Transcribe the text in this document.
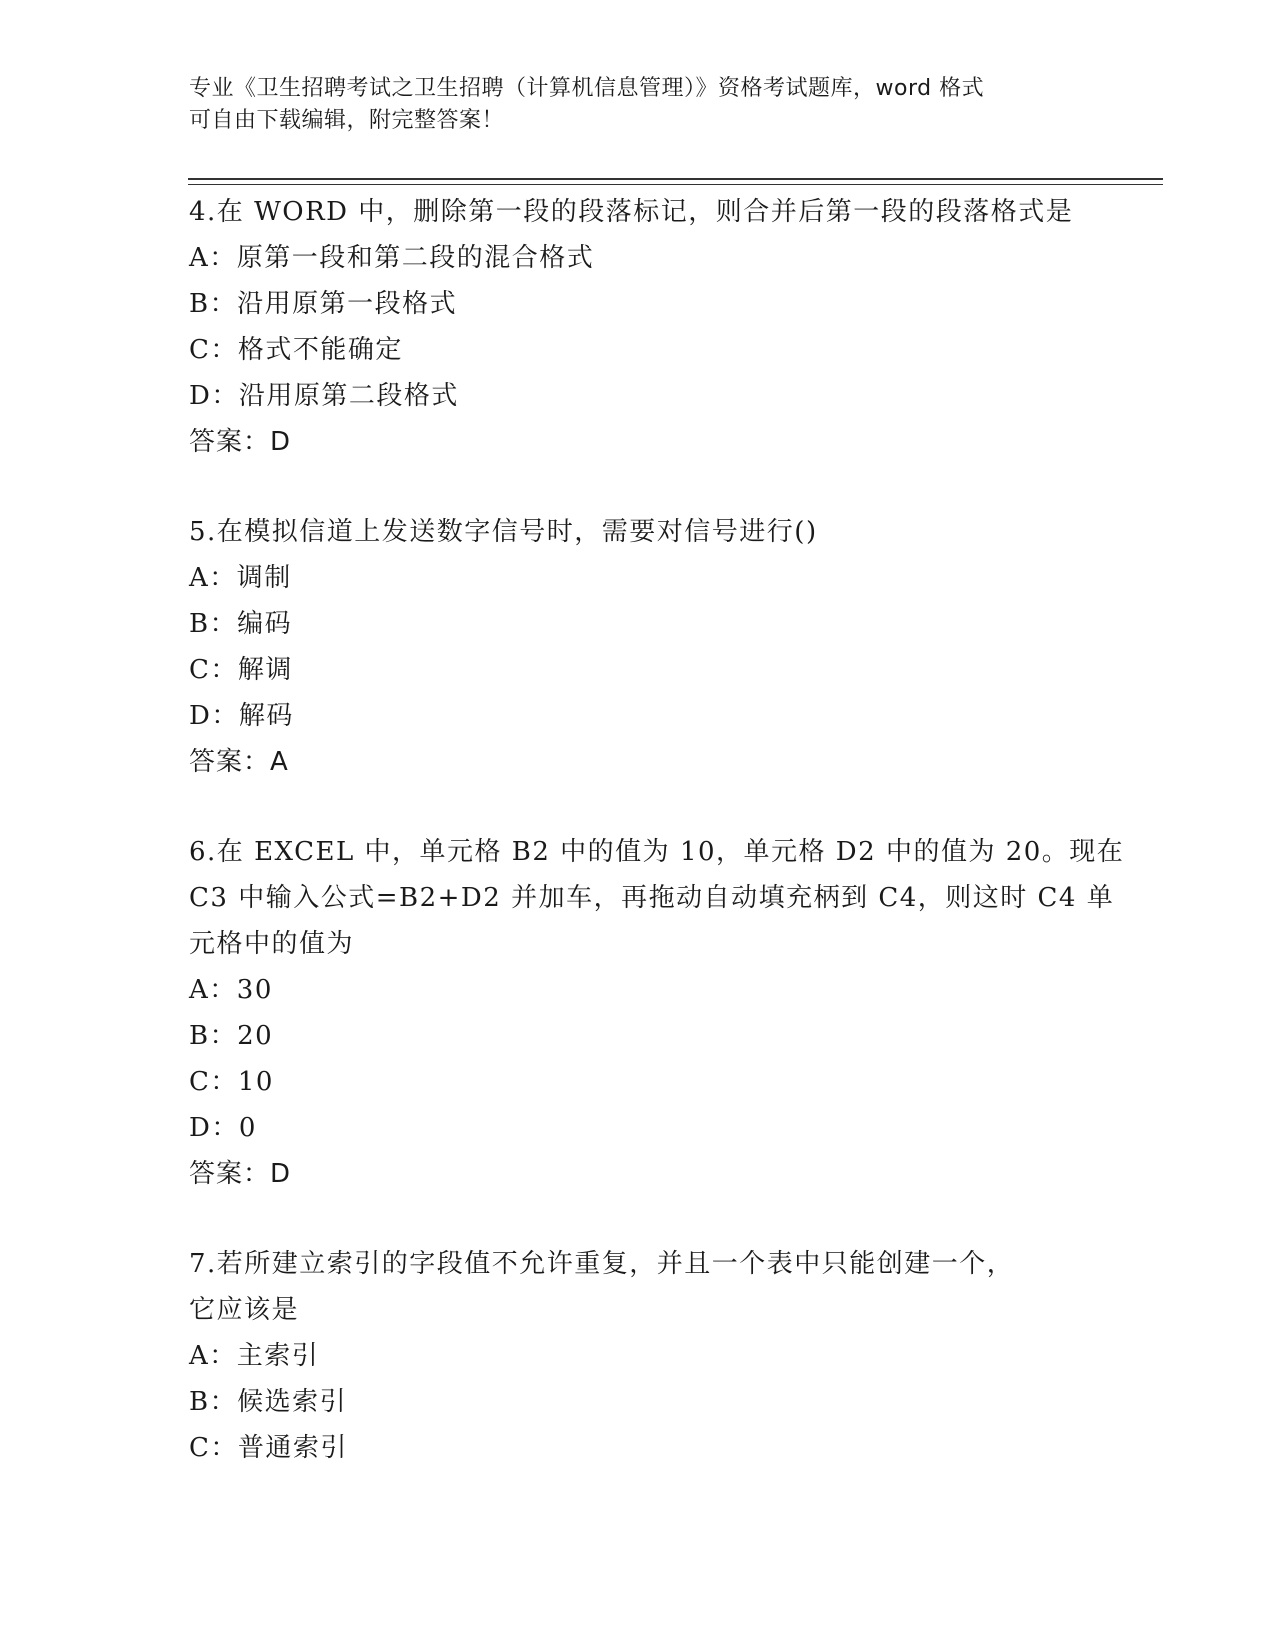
专业《卫生招聘考试之卫生招聘（计算机信息管理）》资格考试题库，word 格式
可自由下载编辑，附完整答案！
4.在 WORD 中，删除第一段的段落标记，则合并后第一段的段落格式是
A：原第一段和第二段的混合格式
B：沿用原第一段格式
C：格式不能确定
D：沿用原第二段格式
答案：D
5.在模拟信道上发送数字信号时，需要对信号进行()
A：调制
B：编码
C：解调
D：解码
答案：A
6.在 EXCEL 中，单元格 B2 中的值为 10，单元格 D2 中的值为 20。现在
C3 中输入公式=B2+D2 并加车，再拖动自动填充柄到 C4，则这时 C4 单
元格中的值为
A：30
B：20
C：10
D：0
答案：D
7.若所建立索引的字段值不允许重复，并且一个表中只能创建一个，
它应该是
A：主索引
B：候选索引
C：普通索引
